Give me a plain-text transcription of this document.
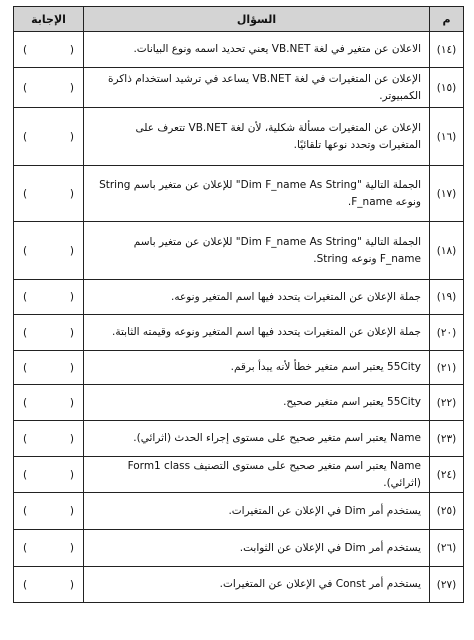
م	السؤال	الإجابة
(١٤)	الاعلان عن متغير في لغة VB.NET يعني تحديد اسمه ونوع البيانات.	(
)

(١٥)	الإعلان عن المتغيرات في لغة VB.NET يساعد في ترشيد استخدام ذاكرة الكمبيوتر.	(
)

(١٦)	الإعلان عن المتغيرات مسألة شكلية، لأن لغة VB.NET تتعرف على المتغيرات وتحدد نوعها تلقائيًا.	(
)

(١٧)	الجملة التالية "Dim F_name As String" للإعلان عن متغير باسم String ونوعه F_name.	(
)

(١٨)	الجملة التالية "Dim F_name As String" للإعلان عن متغير باسم F_name ونوعه String.	(
)

(١٩)	جملة الإعلان عن المتغيرات يتحدد فيها اسم المتغير ونوعه.	(
)

(٢٠)	جملة الإعلان عن المتغيرات يتحدد فيها اسم المتغير ونوعه وقيمته الثابتة.	(
)

(٢١)	55City يعتبر اسم متغير خطأ لأنه يبدأ برقم.	(
)

(٢٢)	55City يعتبر اسم متغير صحيح.	(
)

(٢٣)	Name يعتبر اسم متغير صحيح على مستوى إجراء الحدث (اثرائي).	(
)

(٢٤)	Name يعتبر اسم متغير صحيح على مستوى التصنيف Form1 class (اثرائي).	(
)

(٢٥)	يستخدم أمر Dim في الإعلان عن المتغيرات.	(
)

(٢٦)	يستخدم أمر Dim في الإعلان عن الثوابت.	(
)

(٢٧)	يستخدم أمر Const في الإعلان عن المتغيرات.	(
)
